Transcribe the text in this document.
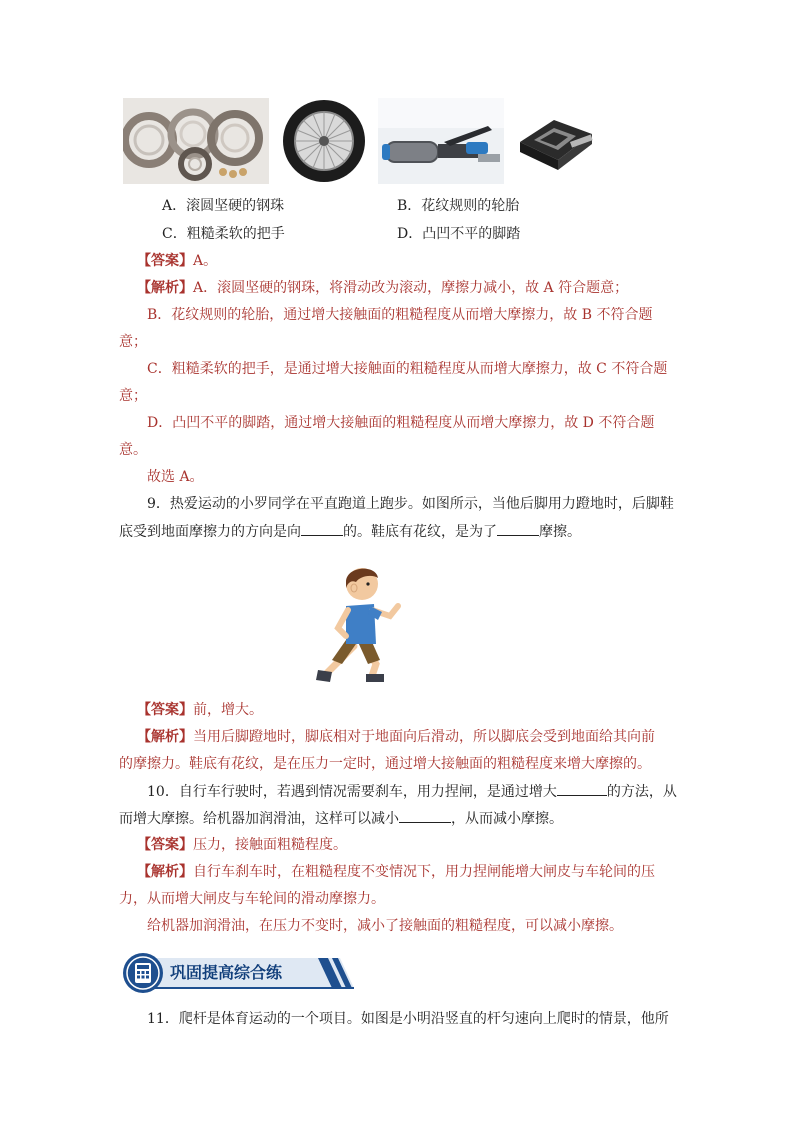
A．滚圆坚硬的钢珠	B．花纹规则的轮胎
C．粗糙柔软的把手	D．凸凹不平的脚踏
【答案】A。
【解析】A．滚圆坚硬的钢珠，将滑动改为滚动，摩擦力减小，故 A 符合题意；
B．花纹规则的轮胎，通过增大接触面的粗糙程度从而增大摩擦力，故 B 不符合题
意；
C．粗糙柔软的把手，是通过增大接触面的粗糙程度从而增大摩擦力，故 C 不符合题
意；
D．凸凹不平的脚踏，通过增大接触面的粗糙程度从而增大摩擦力，故 D 不符合题
意。
故选 A。
9．热爱运动的小罗同学在平直跑道上跑步。如图所示，当他后脚用力蹬地时，后脚鞋
底受到地面摩擦力的方向是向	的。鞋底有花纹，是为了	摩擦。
【答案】前，增大。
【解析】当用后脚蹬地时，脚底相对于地面向后滑动，所以脚底会受到地面给其向前
的摩擦力。鞋底有花纹，是在压力一定时，通过增大接触面的粗糙程度来增大摩擦的。
10．自行车行驶时，若遇到情况需要刹车，用力捏闸，是通过增大	的方法，从
而增大摩擦。给机器加润滑油，这样可以减小	，从而减小摩擦。
【答案】压力，接触面粗糙程度。
【解析】自行车刹车时，在粗糙程度不变情况下，用力捏闸能增大闸皮与车轮间的压
力，从而增大闸皮与车轮间的滑动摩擦力。
给机器加润滑油，在压力不变时，减小了接触面的粗糙程度，可以减小摩擦。
巩固提高综合练
11．爬杆是体育运动的一个项目。如图是小明沿竖直的杆匀速向上爬时的情景，他所
